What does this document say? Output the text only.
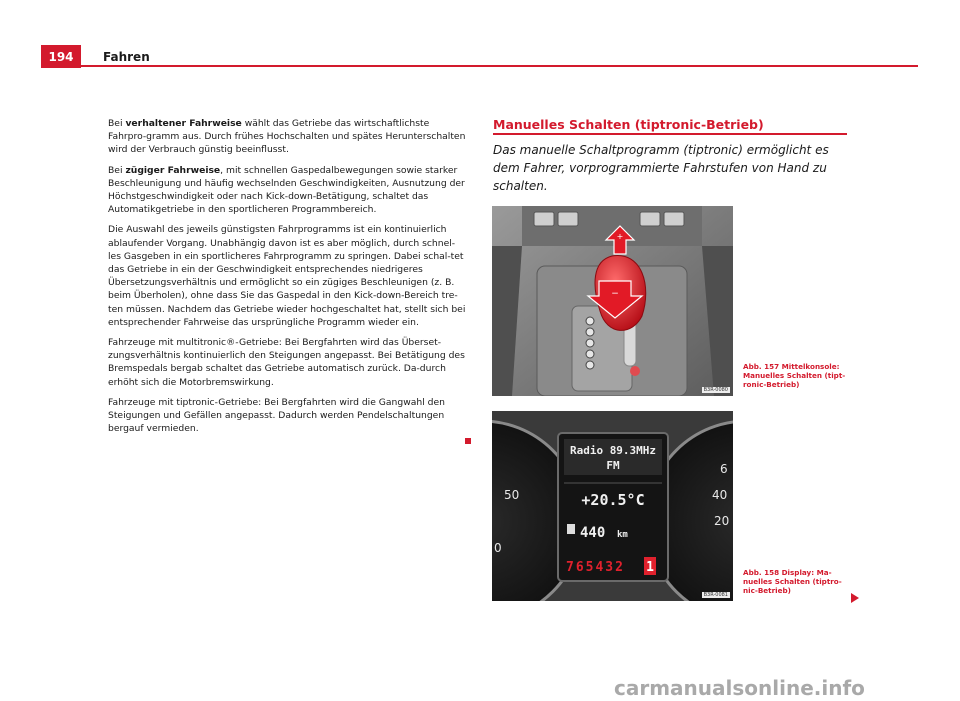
194	Fahren

Bei verhaltener Fahrweise wählt das Getriebe das wirtschaftlichste Fahrpro-gramm aus. Durch frühes Hochschalten und spätes Herunterschalten wird der Verbrauch günstig beeinflusst.

Bei zügiger Fahrweise, mit schnellen Gaspedalbewegungen sowie starker Beschleunigung und häufig wechselnden Geschwindigkeiten, Ausnutzung der Höchstgeschwindigkeit oder nach Kick-down-Betätigung, schaltet das Automatikgetriebe in den sportlicheren Programmbereich.

Die Auswahl des jeweils günstigsten Fahrprogramms ist ein kontinuierlich ablaufender Vorgang. Unabhängig davon ist es aber möglich, durch schnel-les Gasgeben in ein sportlicheres Fahrprogramm zu springen. Dabei schal-tet das Getriebe in ein der Geschwindigkeit entsprechendes niedrigeres Übersetzungsverhältnis und ermöglicht so ein zügiges Beschleunigen (z. B. beim Überholen), ohne dass Sie das Gaspedal in den Kick-down-Bereich tre-ten müssen. Nachdem das Getriebe wieder hochgeschaltet hat, stellt sich bei entsprechender Fahrweise das ursprüngliche Programm wieder ein.

Fahrzeuge mit multitronic®-Getriebe: Bei Bergfahrten wird das Überset-zungsverhältnis kontinuierlich den Steigungen angepasst. Bei Betätigung des Bremspedals bergab schaltet das Getriebe automatisch zurück. Da-durch erhöht sich die Motorbremswirkung.

Fahrzeuge mit tiptronic-Getriebe: Bei Bergfahrten wird die Gangwahl den Steigungen und Gefällen angepasst. Dadurch werden Pendelschaltungen bergauf vermieden.

Manuelles Schalten (tiptronic-Betrieb)
Das manuelle Schaltprogramm (tiptronic) ermöglicht es dem Fahrer, vorprogrammierte Fahrstufen von Hand zu schalten.
+
−
B3R-0080
Abb. 157 Mittelkonsole: Manuelles Schalten (tipt-ronic-Betrieb)
50
0
6
40
20
Radio 89.3MHz
FM
+20.5°C
440 km
765432 1
B3R-0081
Abb. 158 Display: Ma-nuelles Schalten (tiptro-nic-Betrieb)
carmanualsonline.info
